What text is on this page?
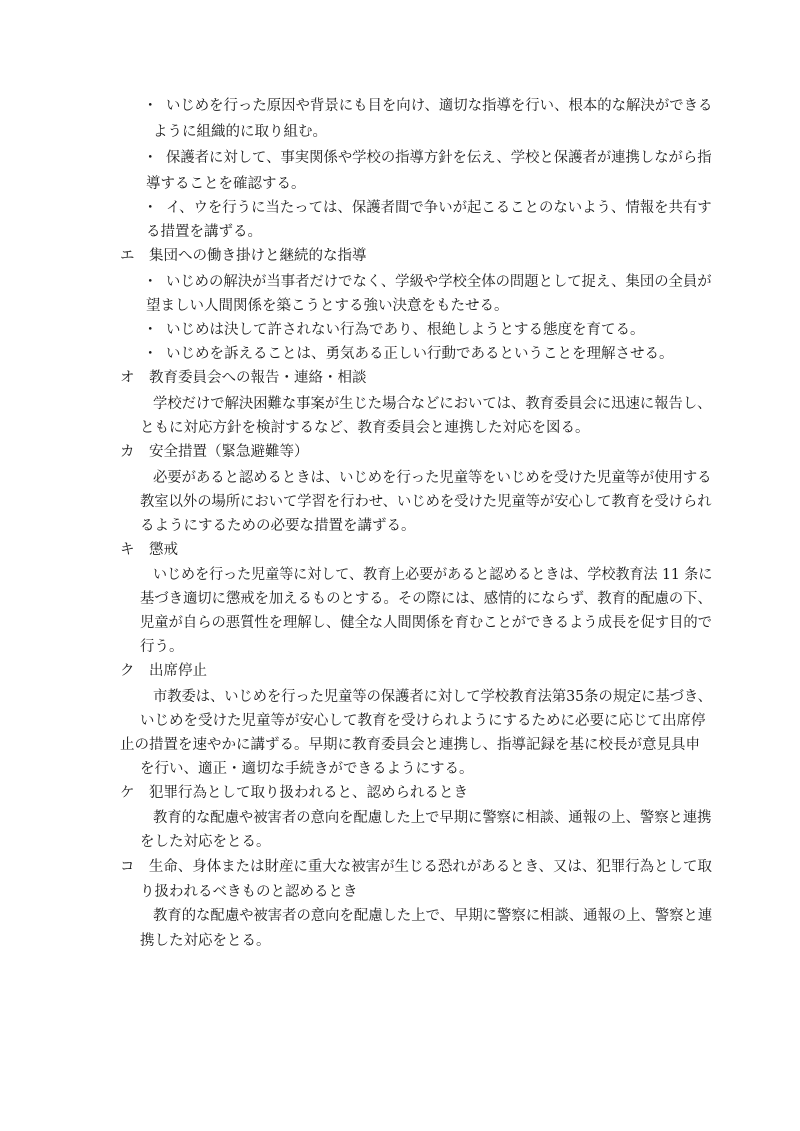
・ いじめを行った原因や背景にも目を向け、適切な指導を行い、根本的な解決ができる
ように組織的に取り組む。
・ 保護者に対して、事実関係や学校の指導方針を伝え、学校と保護者が連携しながら指
導することを確認する。
・ イ、ウを行うに当たっては、保護者間で争いが起こることのないよう、情報を共有す
る措置を講ずる。
エ　集団への働き掛けと継続的な指導
・ いじめの解決が当事者だけでなく、学級や学校全体の問題として捉え、集団の全員が
望ましい人間関係を築こうとする強い決意をもたせる。
・ いじめは決して許されない行為であり、根絶しようとする態度を育てる。
・ いじめを訴えることは、勇気ある正しい行動であるということを理解させる。
オ　教育委員会への報告・連絡・相談
学校だけで解決困難な事案が生じた場合などにおいては、教育委員会に迅速に報告し、
ともに対応方針を検討するなど、教育委員会と連携した対応を図る。
カ　安全措置（緊急避難等）
必要があると認めるときは、いじめを行った児童等をいじめを受けた児童等が使用する
教室以外の場所において学習を行わせ、いじめを受けた児童等が安心して教育を受けられ
るようにするための必要な措置を講ずる。
キ　懲戒
いじめを行った児童等に対して、教育上必要があると認めるときは、学校教育法 11 条に
基づき適切に懲戒を加えるものとする。その際には、感情的にならず、教育的配慮の下、
児童が自らの悪質性を理解し、健全な人間関係を育むことができるよう成長を促す目的で
行う。
ク　出席停止
市教委は、いじめを行った児童等の保護者に対して学校教育法第35条の規定に基づき、
いじめを受けた児童等が安心して教育を受けられようにするために必要に応じて出席停
止の措置を速やかに講ずる。早期に教育委員会と連携し、指導記録を基に校長が意見具申
を行い、適正・適切な手続きができるようにする。
ケ　犯罪行為として取り扱われると、認められるとき
教育的な配慮や被害者の意向を配慮した上で早期に警察に相談、通報の上、警察と連携
をした対応をとる。
コ　生命、身体または財産に重大な被害が生じる恐れがあるとき、又は、犯罪行為として取
り扱われるべきものと認めるとき
教育的な配慮や被害者の意向を配慮した上で、早期に警察に相談、通報の上、警察と連
携した対応をとる。
